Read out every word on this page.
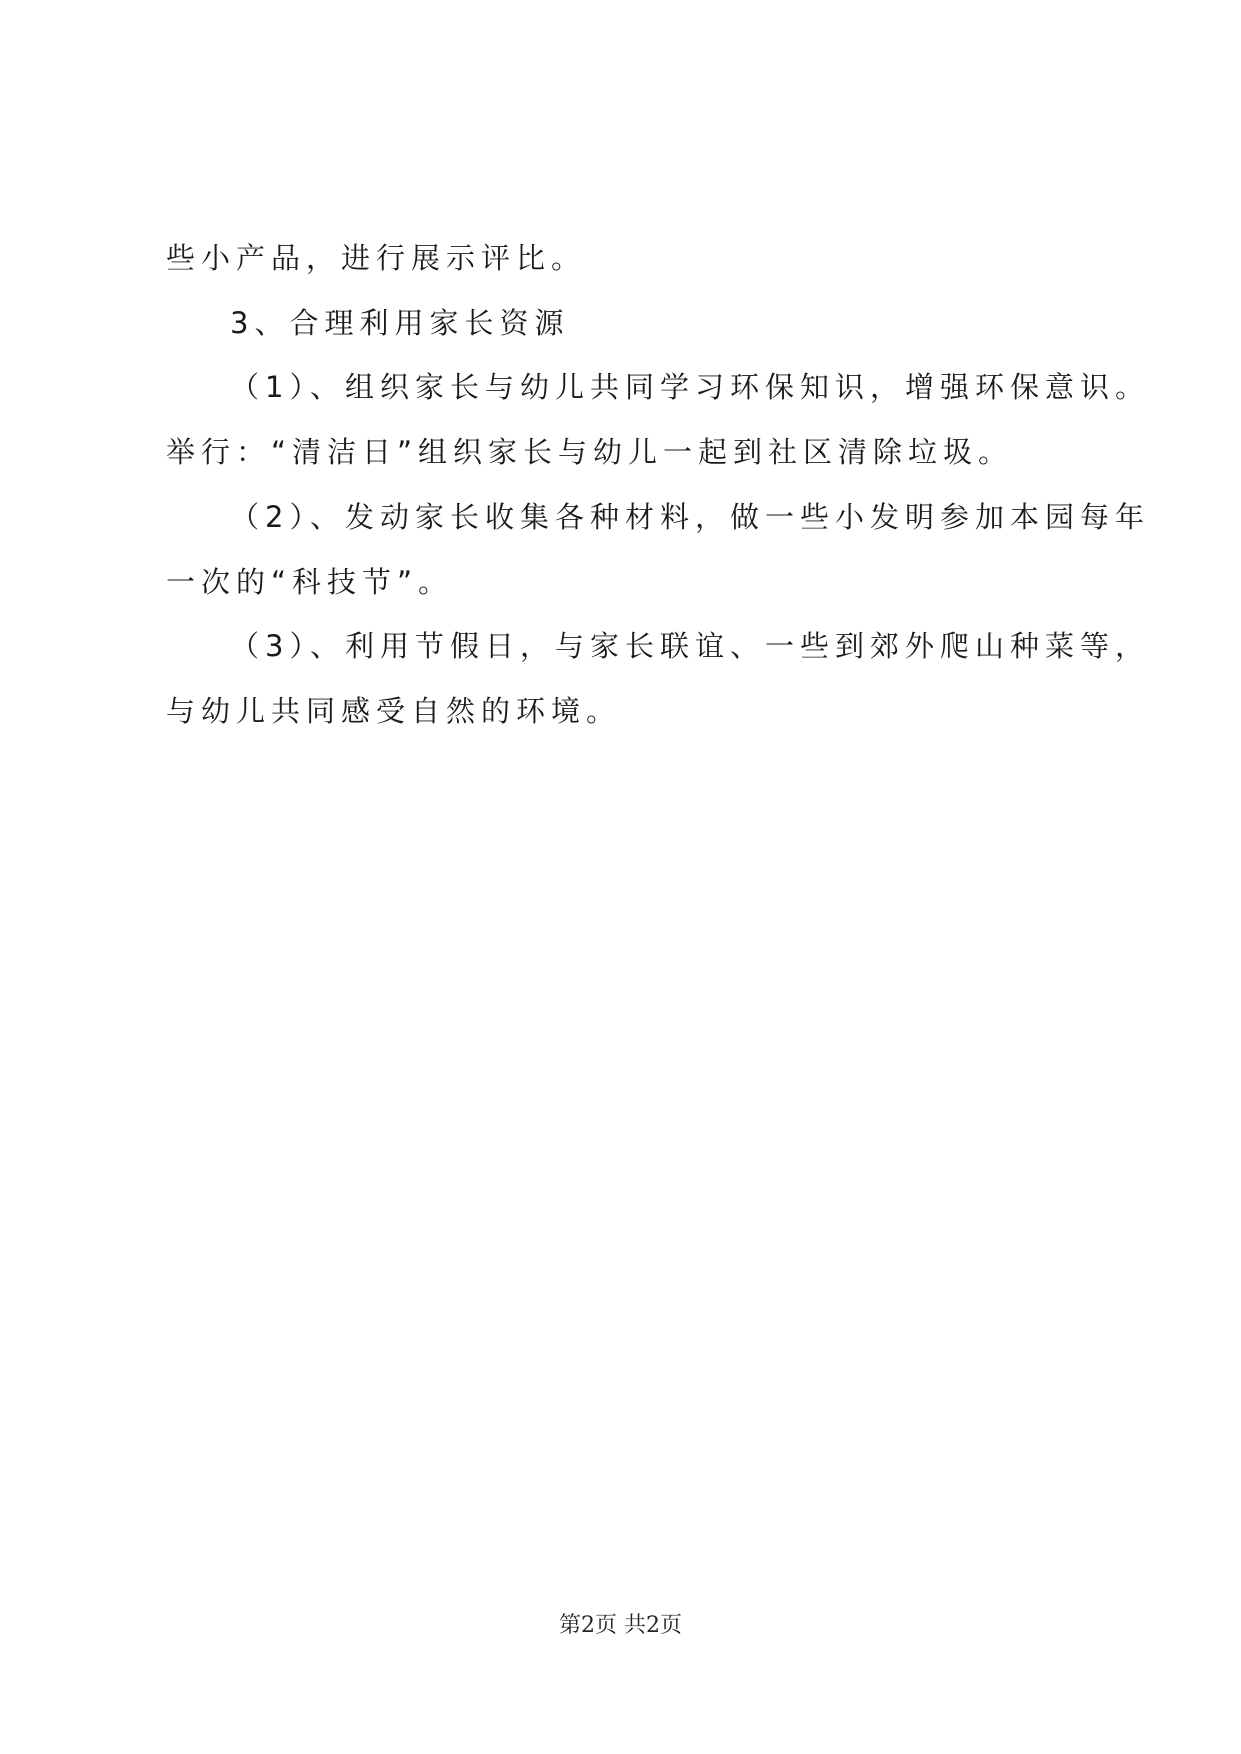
些小产品，进行展示评比。
3、合理利用家长资源
（1）、组织家长与幼儿共同学习环保知识，增强环保意识。
举行：“清洁日”组织家长与幼儿一起到社区清除垃圾。
（2）、发动家长收集各种材料，做一些小发明参加本园每年
一次的“科技节”。
（3）、利用节假日，与家长联谊、一些到郊外爬山种菜等，
与幼儿共同感受自然的环境。
第2页 共2页
